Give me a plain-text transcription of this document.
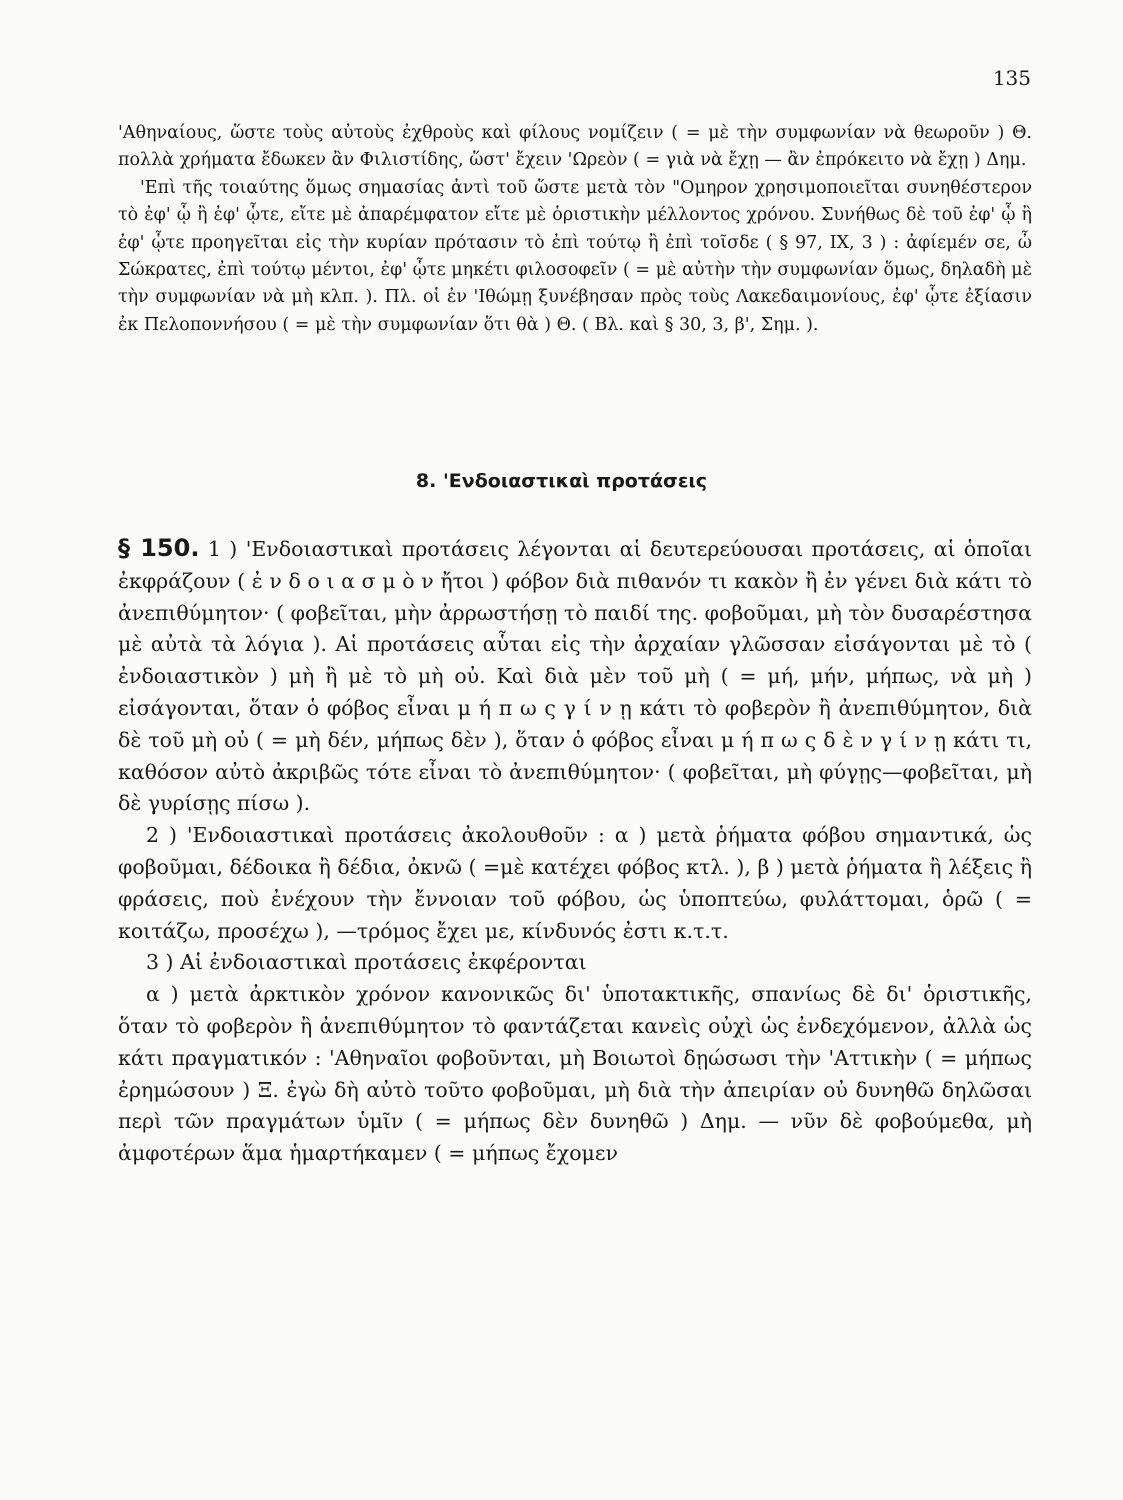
135

'Αθηναίους, ὥστε τοὺς αὐτοὺς ἐχθροὺς καὶ φίλους νομίζειν ( = μὲ τὴν συμφωνίαν νὰ θεωροῦν ) Θ. πολλὰ χρήματα ἔδωκεν ἂν Φιλιστίδης, ὥστ' ἔχειν 'Ωρεὸν ( = γιὰ νὰ ἔχῃ — ἂν ἐπρόκειτο νὰ ἔχῃ ) Δημ.

'Επὶ τῆς τοιαύτης ὅμως σημασίας ἀντὶ τοῦ ὥστε μετὰ τὸν "Ομηρον χρησιμοποιεῖται συνηθέστερον τὸ ἐφ' ᾧ ἢ ἐφ' ᾧτε, εἴτε μὲ ἀπαρέμφατον εἴτε μὲ ὁριστικὴν μέλλοντος χρόνου. Συνήθως δὲ τοῦ ἐφ' ᾧ ἢ ἐφ' ᾧτε προηγεῖται εἰς τὴν κυρίαν πρότασιν τὸ ἐπὶ τούτῳ ἢ ἐπὶ τοῖσδε ( § 97, IX, 3 ) : ἀφίεμέν σε, ὦ Σώκρατες, ἐπὶ τούτῳ μέντοι, ἐφ' ᾧτε μηκέτι φιλοσοφεῖν ( = μὲ αὐτὴν τὴν συμφωνίαν ὅμως, δηλαδὴ μὲ τὴν συμφωνίαν νὰ μὴ κλπ. ). Πλ. οἱ ἐν 'Ιθώμῃ ξυνέβησαν πρὸς τοὺς Λακεδαιμονίους, ἐφ' ᾧτε ἐξίασιν ἐκ Πελοποννήσου ( = μὲ τὴν συμφωνίαν ὅτι θὰ ) Θ. ( Βλ. καὶ § 30, 3, β', Σημ. ).

8. 'Ενδοιαστικαὶ προτάσεις

§ 150. 1 ) 'Ενδοιαστικαὶ προτάσεις λέγονται αἱ δευτερεύουσαι προτάσεις, αἱ ὁποῖαι ἐκφράζουν ( ἐ ν δ ο ι α σ μ ὸ ν ἤτοι ) φόβον διὰ πιθανόν τι κακὸν ἢ ἐν γένει διὰ κάτι τὸ ἀνεπιθύμητον· ( φοβεῖται, μὴν ἀρρωστήσῃ τὸ παιδί της. φοβοῦμαι, μὴ τὸν δυσαρέστησα μὲ αὐτὰ τὰ λόγια ). Αἱ προτάσεις αὗται εἰς τὴν ἀρχαίαν γλῶσσαν εἰσάγονται μὲ τὸ ( ἐνδοιαστικὸν ) μὴ ἢ μὲ τὸ μὴ οὐ. Καὶ διὰ μὲν τοῦ μὴ ( = μή, μήν, μήπως, νὰ μὴ ) εἰσάγονται, ὅταν ὁ φόβος εἶναι μ ή π ω ς γ ί ν ῃ κάτι τὸ φοβερὸν ἢ ἀνεπιθύμητον, διὰ δὲ τοῦ μὴ οὐ ( = μὴ δέν, μήπως δὲν ), ὅταν ὁ φόβος εἶναι μ ή π ω ς δ ὲ ν γ ί ν ῃ κάτι τι, καθόσον αὐτὸ ἀκριβῶς τότε εἶναι τὸ ἀνεπιθύμητον· ( φοβεῖται, μὴ φύγῃς—φοβεῖται, μὴ δὲ γυρίσῃς πίσω ).

2 ) 'Ενδοιαστικαὶ προτάσεις ἀκολουθοῦν : α ) μετὰ ῥήματα φόβου σημαντικά, ὡς φοβοῦμαι, δέδοικα ἢ δέδια, ὀκνῶ ( =μὲ κατέχει φόβος κτλ. ), β ) μετὰ ῥήματα ἢ λέξεις ἢ φράσεις, ποὺ ἐνέχουν τὴν ἔννοιαν τοῦ φόβου, ὡς ὑποπτεύω, φυλάττομαι, ὁρῶ ( = κοιτάζω, προσέχω ), —τρόμος ἔχει με, κίνδυνός ἐστι κ.τ.τ.

3 ) Αἱ ἐνδοιαστικαὶ προτάσεις ἐκφέρονται

α ) μετὰ ἀρκτικὸν χρόνον κανονικῶς δι' ὑποτακτικῆς, σπανίως δὲ δι' ὁριστικῆς, ὅταν τὸ φοβερὸν ἢ ἀνεπιθύμητον τὸ φαντάζεται κανεὶς οὐχὶ ὡς ἐνδεχόμενον, ἀλλὰ ὡς κάτι πραγματικόν : 'Αθηναῖοι φοβοῦνται, μὴ Βοιωτοὶ δῃώσωσι τὴν 'Αττικὴν ( = μήπως ἐρημώσουν ) Ξ. ἐγὼ δὴ αὐτὸ τοῦτο φοβοῦμαι, μὴ διὰ τὴν ἀπειρίαν οὐ δυνηθῶ δηλῶσαι περὶ τῶν πραγμάτων ὑμῖν ( = μήπως δὲν δυνηθῶ ) Δημ. — νῦν δὲ φοβούμεθα, μὴ ἀμφοτέρων ἅμα ἡμαρτήκαμεν ( = μήπως ἔχομεν
